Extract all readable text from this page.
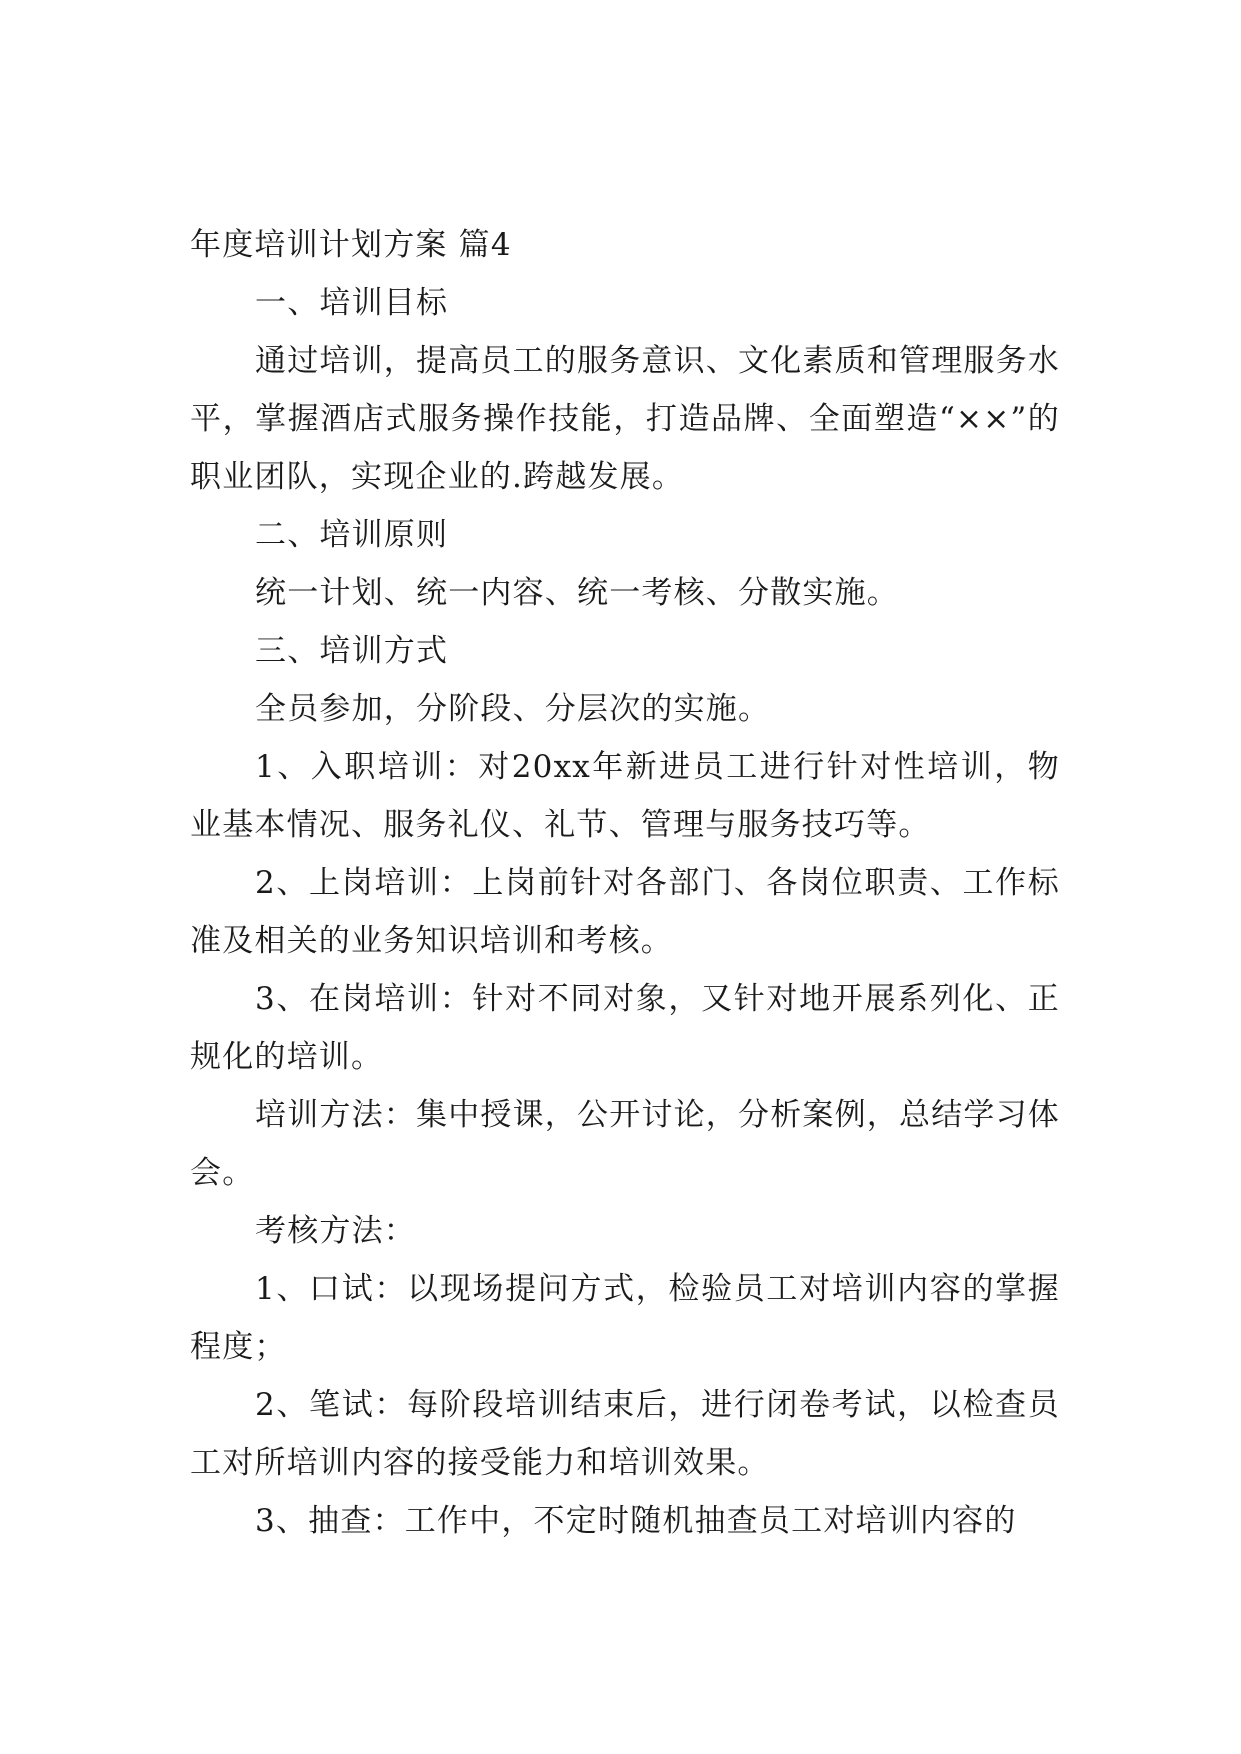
年度培训计划方案 篇4

一、培训目标

通过培训，提高员工的服务意识、文化素质和管理服务水平，掌握酒店式服务操作技能，打造品牌、全面塑造“××”的职业团队，实现企业的.跨越发展。

二、培训原则

统一计划、统一内容、统一考核、分散实施。

三、培训方式

全员参加，分阶段、分层次的实施。

1、入职培训：对20xx年新进员工进行针对性培训，物业基本情况、服务礼仪、礼节、管理与服务技巧等。

2、上岗培训：上岗前针对各部门、各岗位职责、工作标准及相关的业务知识培训和考核。

3、在岗培训：针对不同对象，又针对地开展系列化、正规化的培训。

培训方法：集中授课，公开讨论，分析案例，总结学习体会。

考核方法：

1、口试：以现场提问方式，检验员工对培训内容的掌握程度；

2、笔试：每阶段培训结束后，进行闭卷考试，以检查员工对所培训内容的接受能力和培训效果。

3、抽查：工作中，不定时随机抽查员工对培训内容的
